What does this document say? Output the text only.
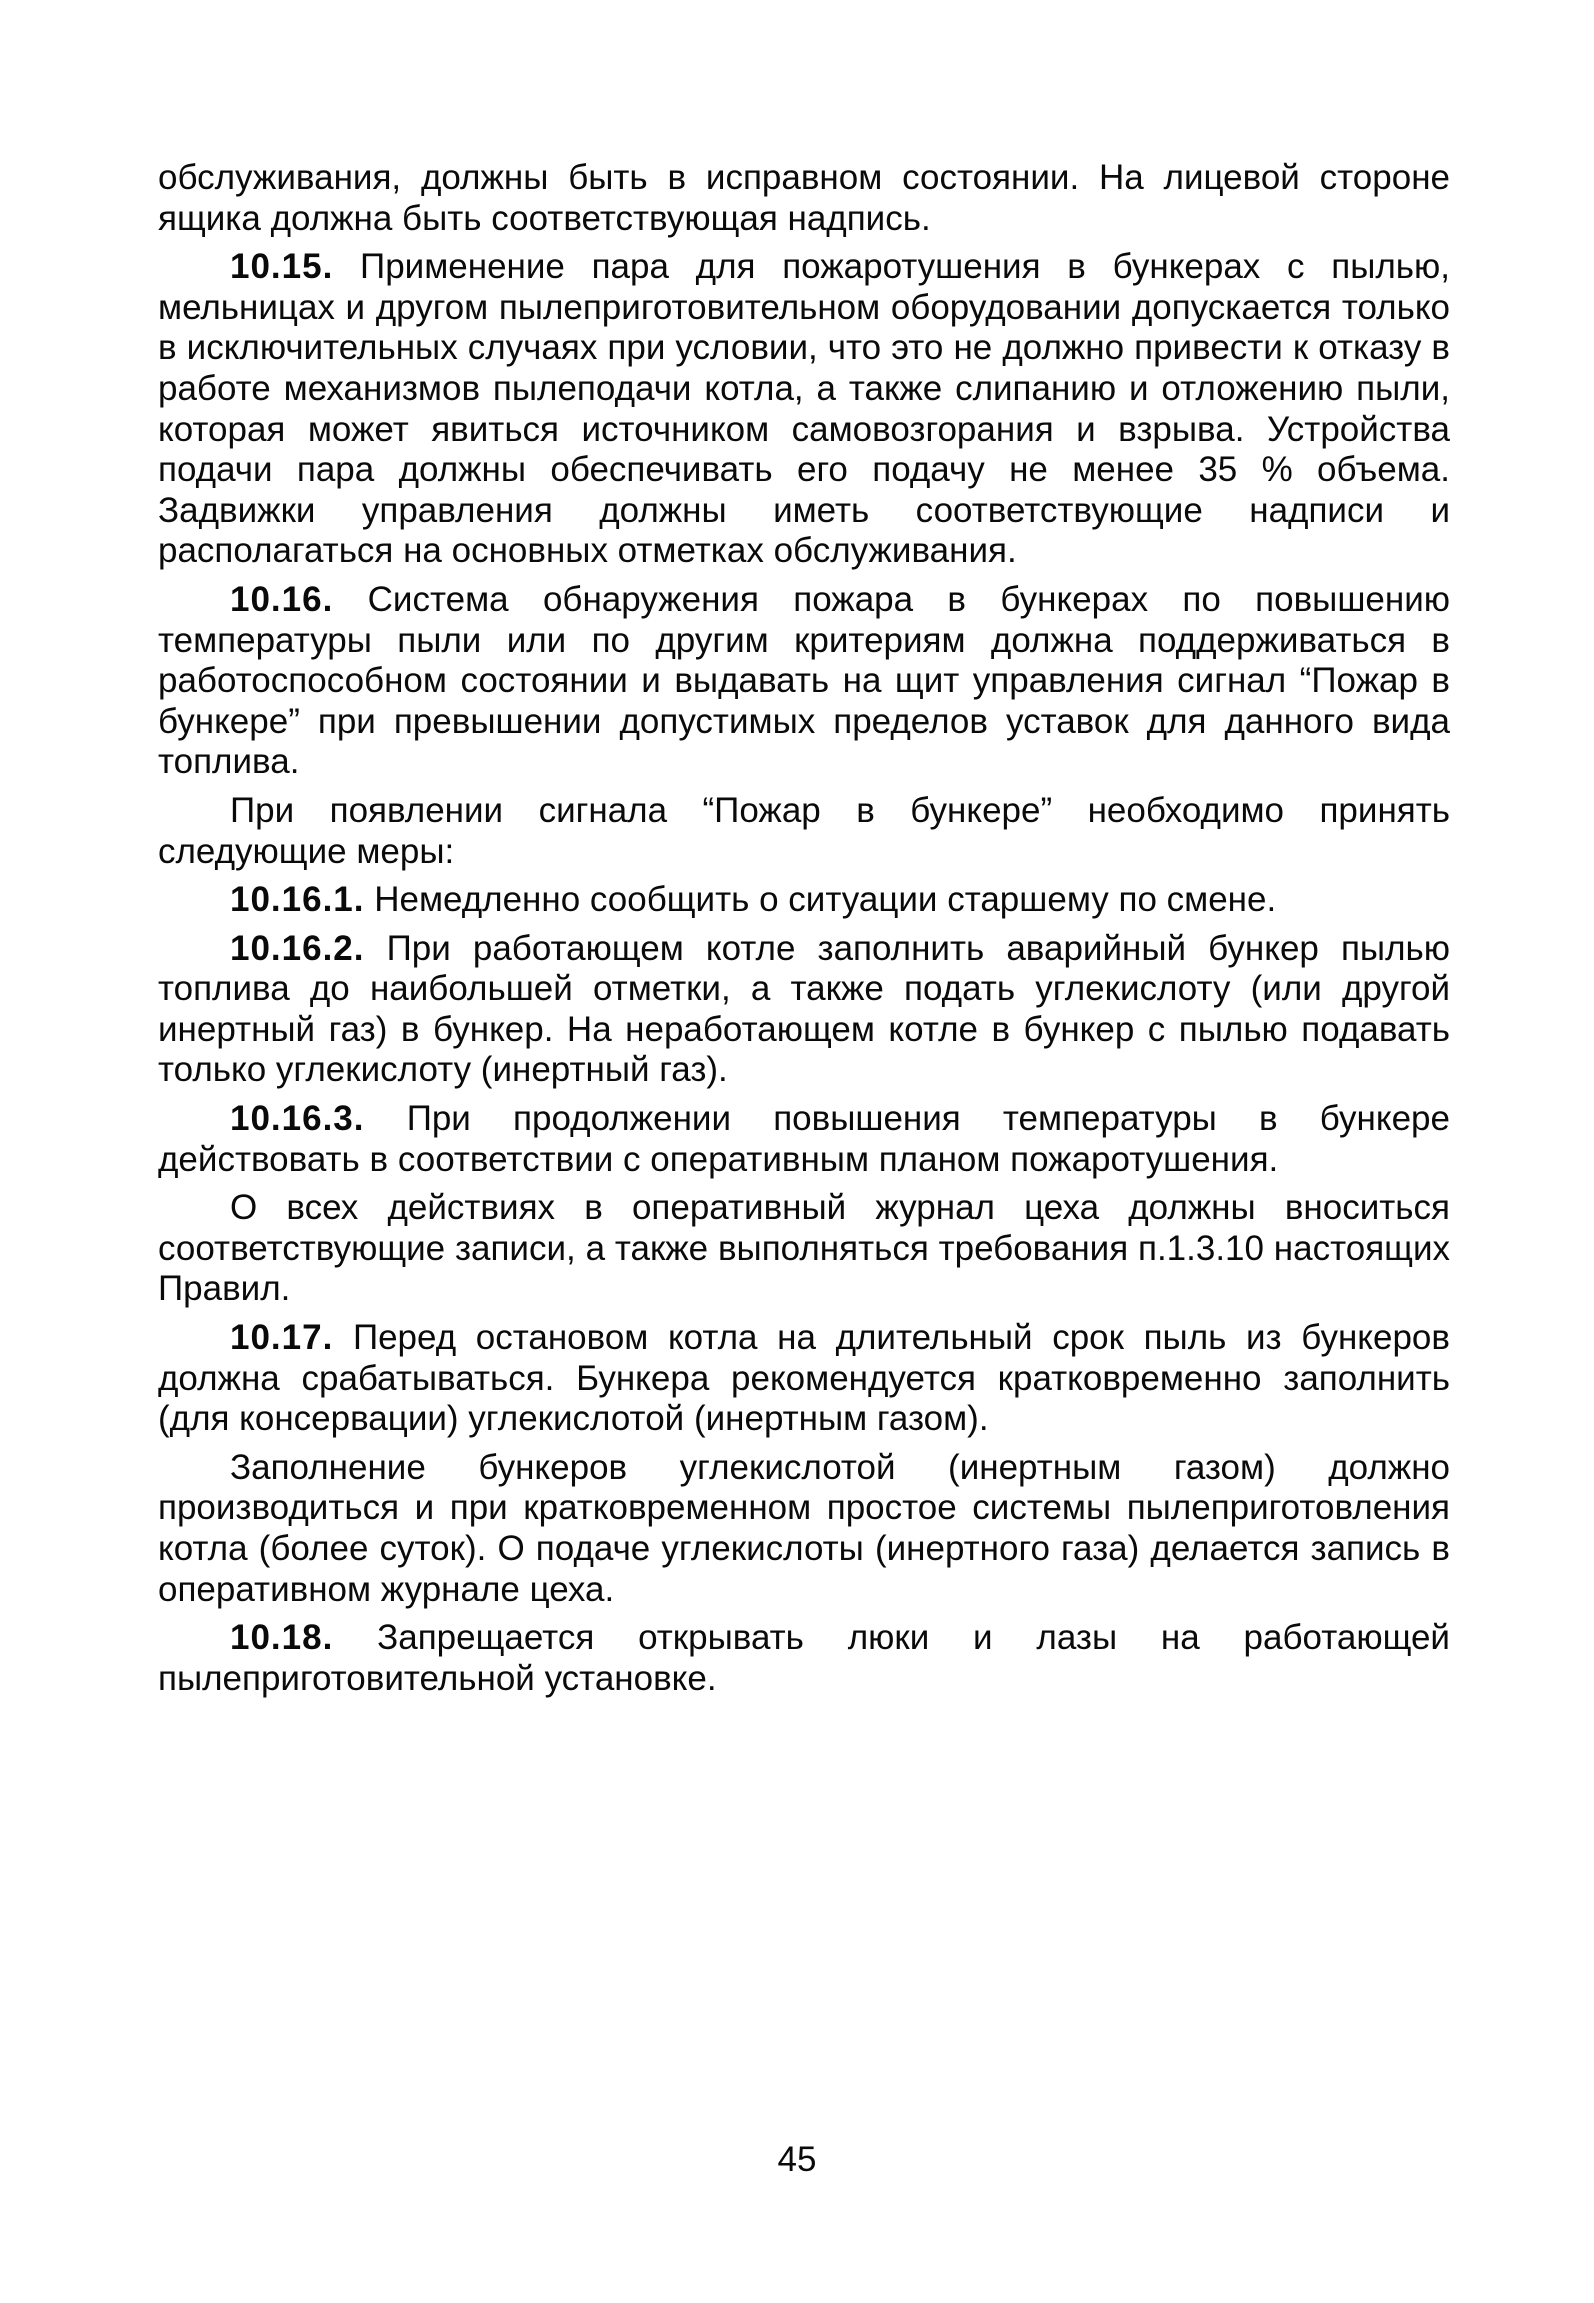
обслуживания, должны быть в исправном состоянии. На лицевой стороне ящика должна быть соответствующая надпись.

10.15. Применение пара для пожаротушения в бункерах с пылью, мельницах и другом пылеприготовительном оборудовании допускается только в исключительных случаях при условии, что это не должно привести к отказу в работе механизмов пылеподачи котла, а также слипанию и отложению пыли, которая может явиться источником самовозгорания и взрыва. Устройства подачи пара должны обеспечивать его подачу не менее 35 % объема. Задвижки управления должны иметь соответствующие надписи и располагаться на основных отметках обслуживания.

10.16. Система обнаружения пожара в бункерах по повышению температуры пыли или по другим критериям должна поддерживаться в работоспособном состоянии и выдавать на щит управления сигнал “Пожар в бункере” при превышении допустимых пределов уставок для данного вида топлива.

При появлении сигнала “Пожар в бункере” необходимо принять следующие меры:

10.16.1. Немедленно сообщить о ситуации старшему по смене.

10.16.2. При работающем котле заполнить аварийный бункер пылью топлива до наибольшей отметки, а также подать углекислоту (или другой инертный газ) в бункер. На неработающем котле в бункер с пылью подавать только углекислоту (инертный газ).

10.16.3. При продолжении повышения температуры в бункере действовать в соответствии с оперативным планом пожаротушения.

О всех действиях в оперативный журнал цеха должны вноситься соответствующие записи, а также выполняться требования п.1.3.10 настоящих Правил.

10.17. Перед остановом котла на длительный срок пыль из бункеров должна срабатываться. Бункера рекомендуется кратковременно заполнить (для консервации) углекислотой (инертным газом).

Заполнение бункеров углекислотой (инертным газом) должно производиться и при кратковременном простое системы пылеприготовления котла (более суток). О подаче углекислоты (инертного газа) делается запись в оперативном журнале цеха.

10.18. Запрещается открывать люки и лазы на работающей пылеприготовительной установке.

45
